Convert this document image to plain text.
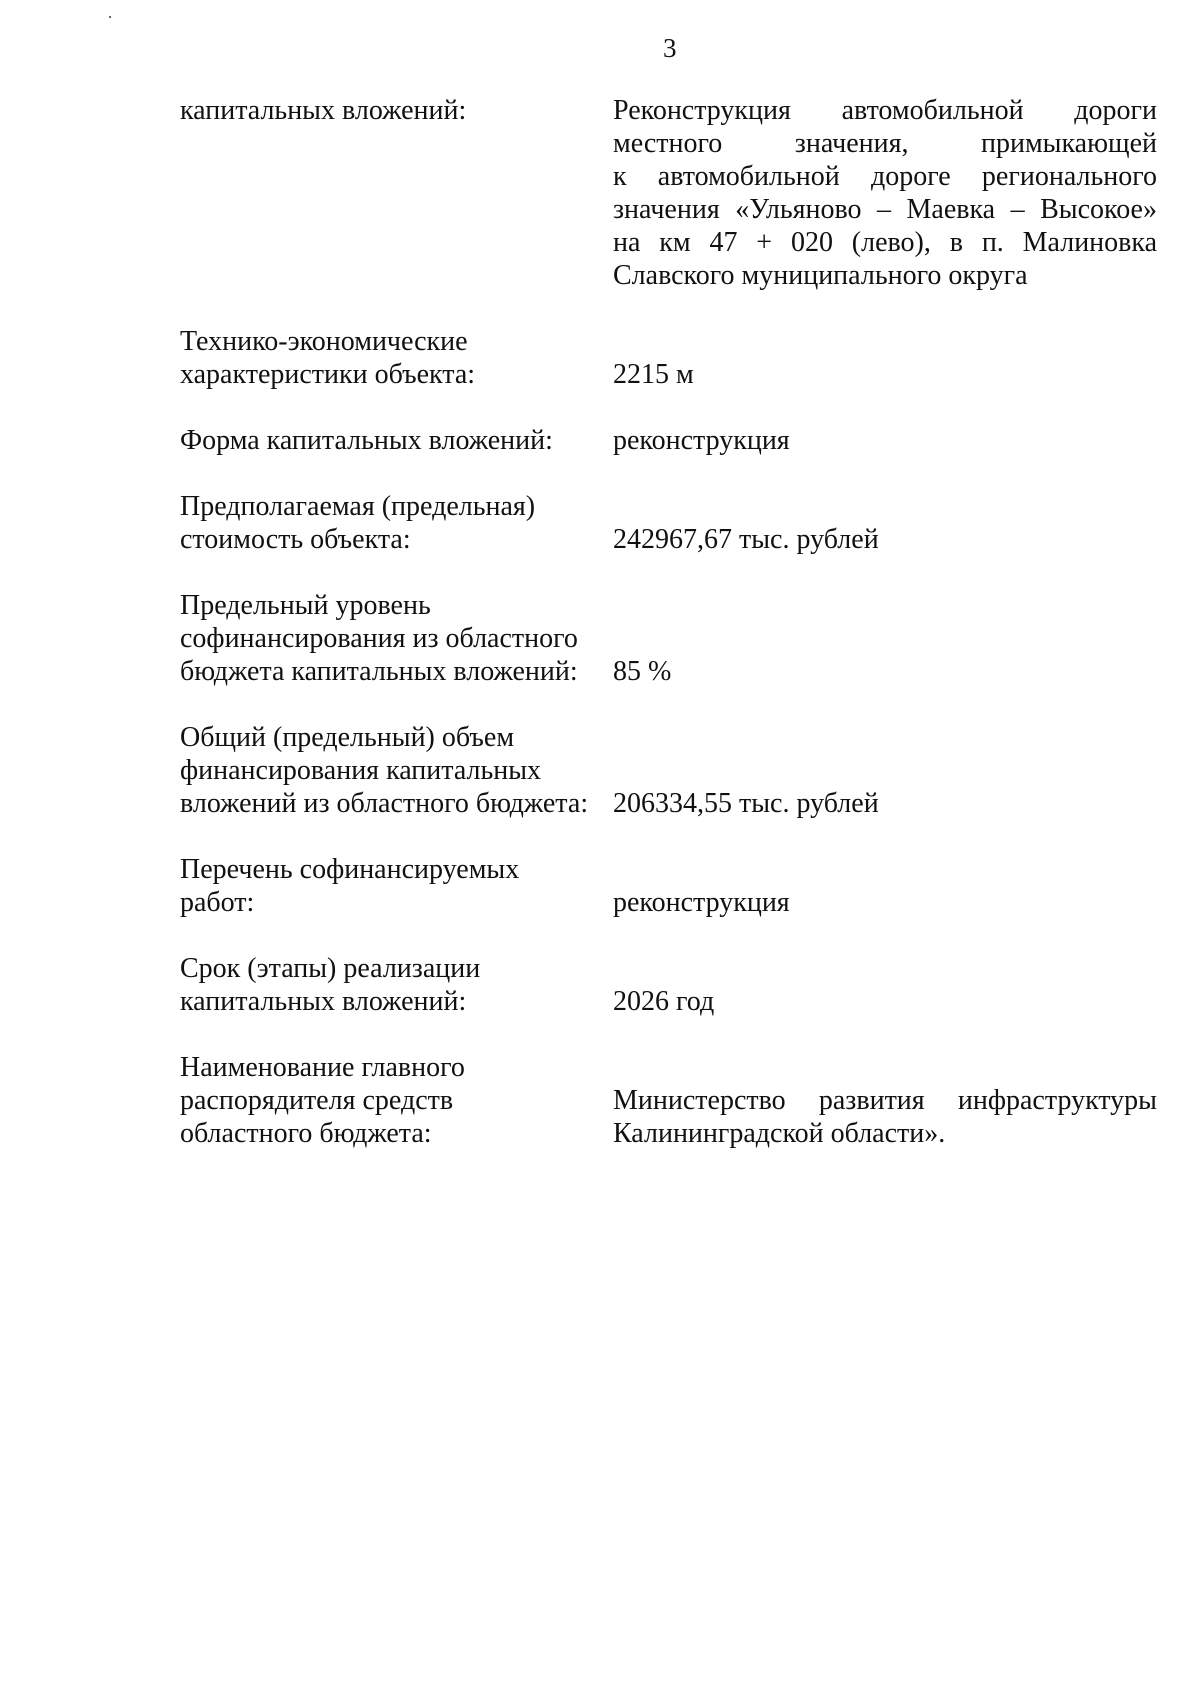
3
капитальных вложений:	Реконструкция автомобильной дороги
местного значения, примыкающей
к автомобильной дороге регионального
значения «Ульяново – Маевка – Высокое»
на км 47 + 020 (лево), в п. Малиновка
Славского муниципального округа
Технико-экономические
характеристики объекта:	2215 м
Форма капитальных вложений:	реконструкция
Предполагаемая (предельная)
стоимость объекта:	242967,67 тыс. рублей
Предельный уровень
софинансирования из областного
бюджета капитальных вложений:	85 %
Общий (предельный) объем
финансирования капитальных
вложений из областного бюджета: 206334,55 тыс. рублей
Перечень софинансируемых
работ:	реконструкция
Срок (этапы) реализации
капитальных вложений:	2026 год
Наименование главного
распорядителя средств
областного бюджета:
Министерство развития инфраструктуры
Калининградской области».
